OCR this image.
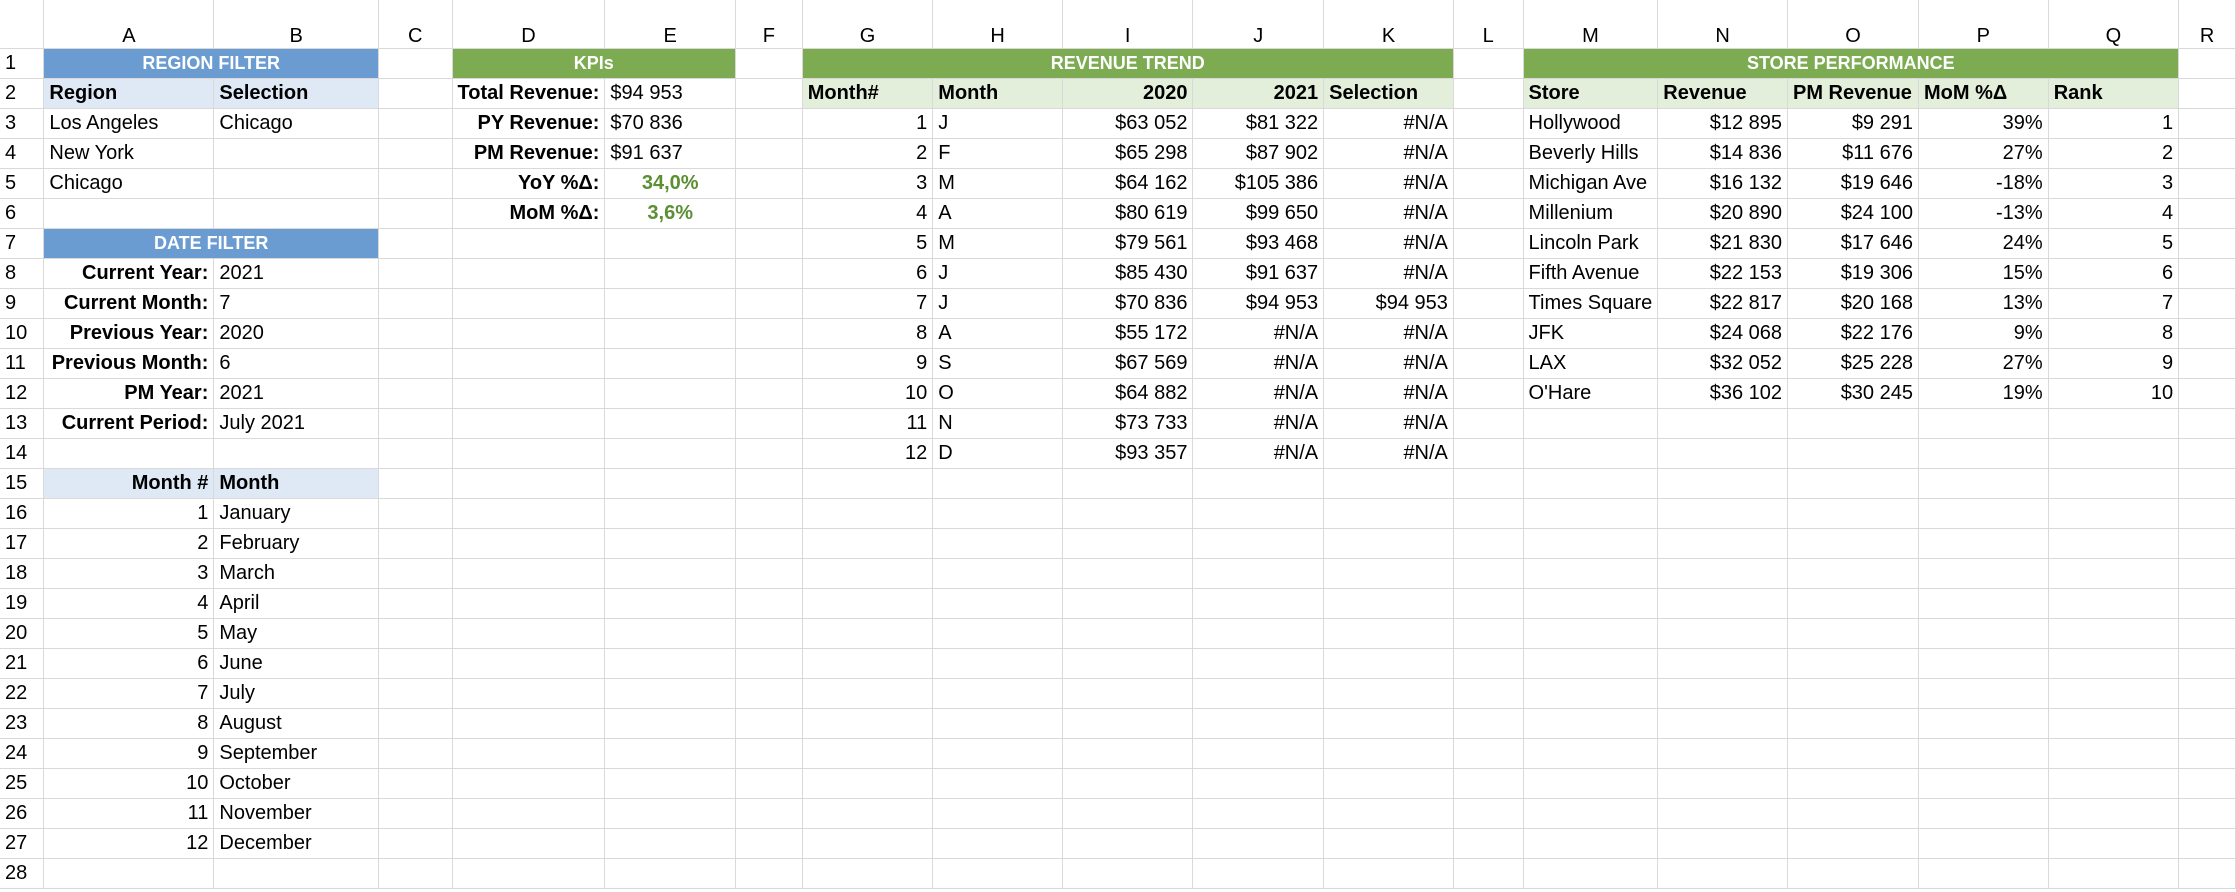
	A	B	C	D	E	F	G	H	I	J	K	L	M	N	O	P	Q	R
1	REGION FILTER			KPIs			REVENUE TREND						STORE PERFORMANCE					
2	Region	Selection		Total Revenue:	$94 953		Month#	Month	2020	2021	Selection		Store	Revenue	PM Revenue	MoM %Δ	Rank	
3	Los Angeles	Chicago		PY Revenue:	$70 836		1	J	$63 052	$81 322	#N/A		Hollywood	$12 895	$9 291	39%	1	
4	New York			PM Revenue:	$91 637		2	F	$65 298	$87 902	#N/A		Beverly Hills	$14 836	$11 676	27%	2	
5	Chicago			YoY %Δ:	34,0%		3	M	$64 162	$105 386	#N/A		Michigan Ave	$16 132	$19 646	-18%	3	
6				MoM %Δ:	3,6%		4	A	$80 619	$99 650	#N/A		Millenium	$20 890	$24 100	-13%	4	
7	DATE FILTER						5	M	$79 561	$93 468	#N/A		Lincoln Park	$21 830	$17 646	24%	5	
8	Current Year:	2021					6	J	$85 430	$91 637	#N/A		Fifth Avenue	$22 153	$19 306	15%	6	
9	Current Month:	7					7	J	$70 836	$94 953	$94 953		Times Square	$22 817	$20 168	13%	7	
10	Previous Year:	2020					8	A	$55 172	#N/A	#N/A		JFK	$24 068	$22 176	9%	8	
11	Previous Month:	6					9	S	$67 569	#N/A	#N/A		LAX	$32 052	$25 228	27%	9	
12	PM Year:	2021					10	O	$64 882	#N/A	#N/A		O'Hare	$36 102	$30 245	19%	10	
13	Current Period:	July 2021					11	N	$73 733	#N/A	#N/A							
14							12	D	$93 357	#N/A	#N/A							
15	Month #	Month																
16	1	January																
17	2	February																
18	3	March																
19	4	April																
20	5	May																
21	6	June																
22	7	July																
23	8	August																
24	9	September																
25	10	October																
26	11	November																
27	12	December																
28																		
